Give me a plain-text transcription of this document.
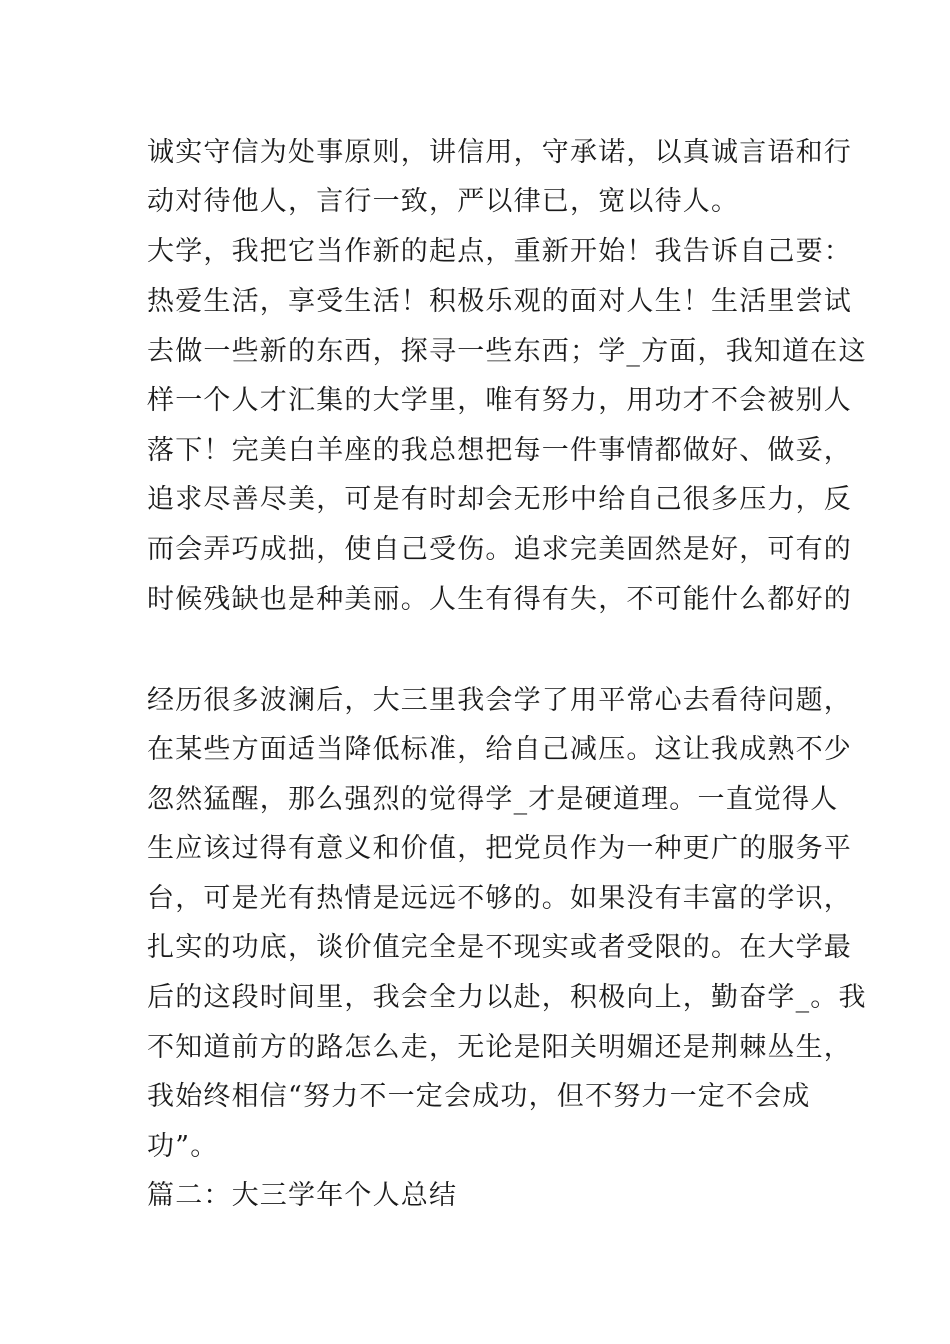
诚实守信为处事原则，讲信用，守承诺，以真诚言语和行
动对待他人，言行一致，严以律已，宽以待人。
大学，我把它当作新的起点，重新开始！我告诉自己要：
热爱生活，享受生活！积极乐观的面对人生！生活里尝试
去做一些新的东西，探寻一些东西；学_方面，我知道在这
样一个人才汇集的大学里，唯有努力，用功才不会被别人
落下！完美白羊座的我总想把每一件事情都做好、做妥，
追求尽善尽美，可是有时却会无形中给自己很多压力，反
而会弄巧成拙，使自己受伤。追求完美固然是好，可有的
时候残缺也是种美丽。人生有得有失，不可能什么都好的
经历很多波澜后，大三里我会学了用平常心去看待问题，
在某些方面适当降低标准，给自己减压。这让我成熟不少
忽然猛醒，那么强烈的觉得学_才是硬道理。一直觉得人
生应该过得有意义和价值，把党员作为一种更广的服务平
台，可是光有热情是远远不够的。如果没有丰富的学识，
扎实的功底，谈价值完全是不现实或者受限的。在大学最
后的这段时间里，我会全力以赴，积极向上，勤奋学_。我
不知道前方的路怎么走，无论是阳关明媚还是荆棘丛生，
我始终相信“努力不一定会成功，但不努力一定不会成
功”。
篇二：大三学年个人总结
